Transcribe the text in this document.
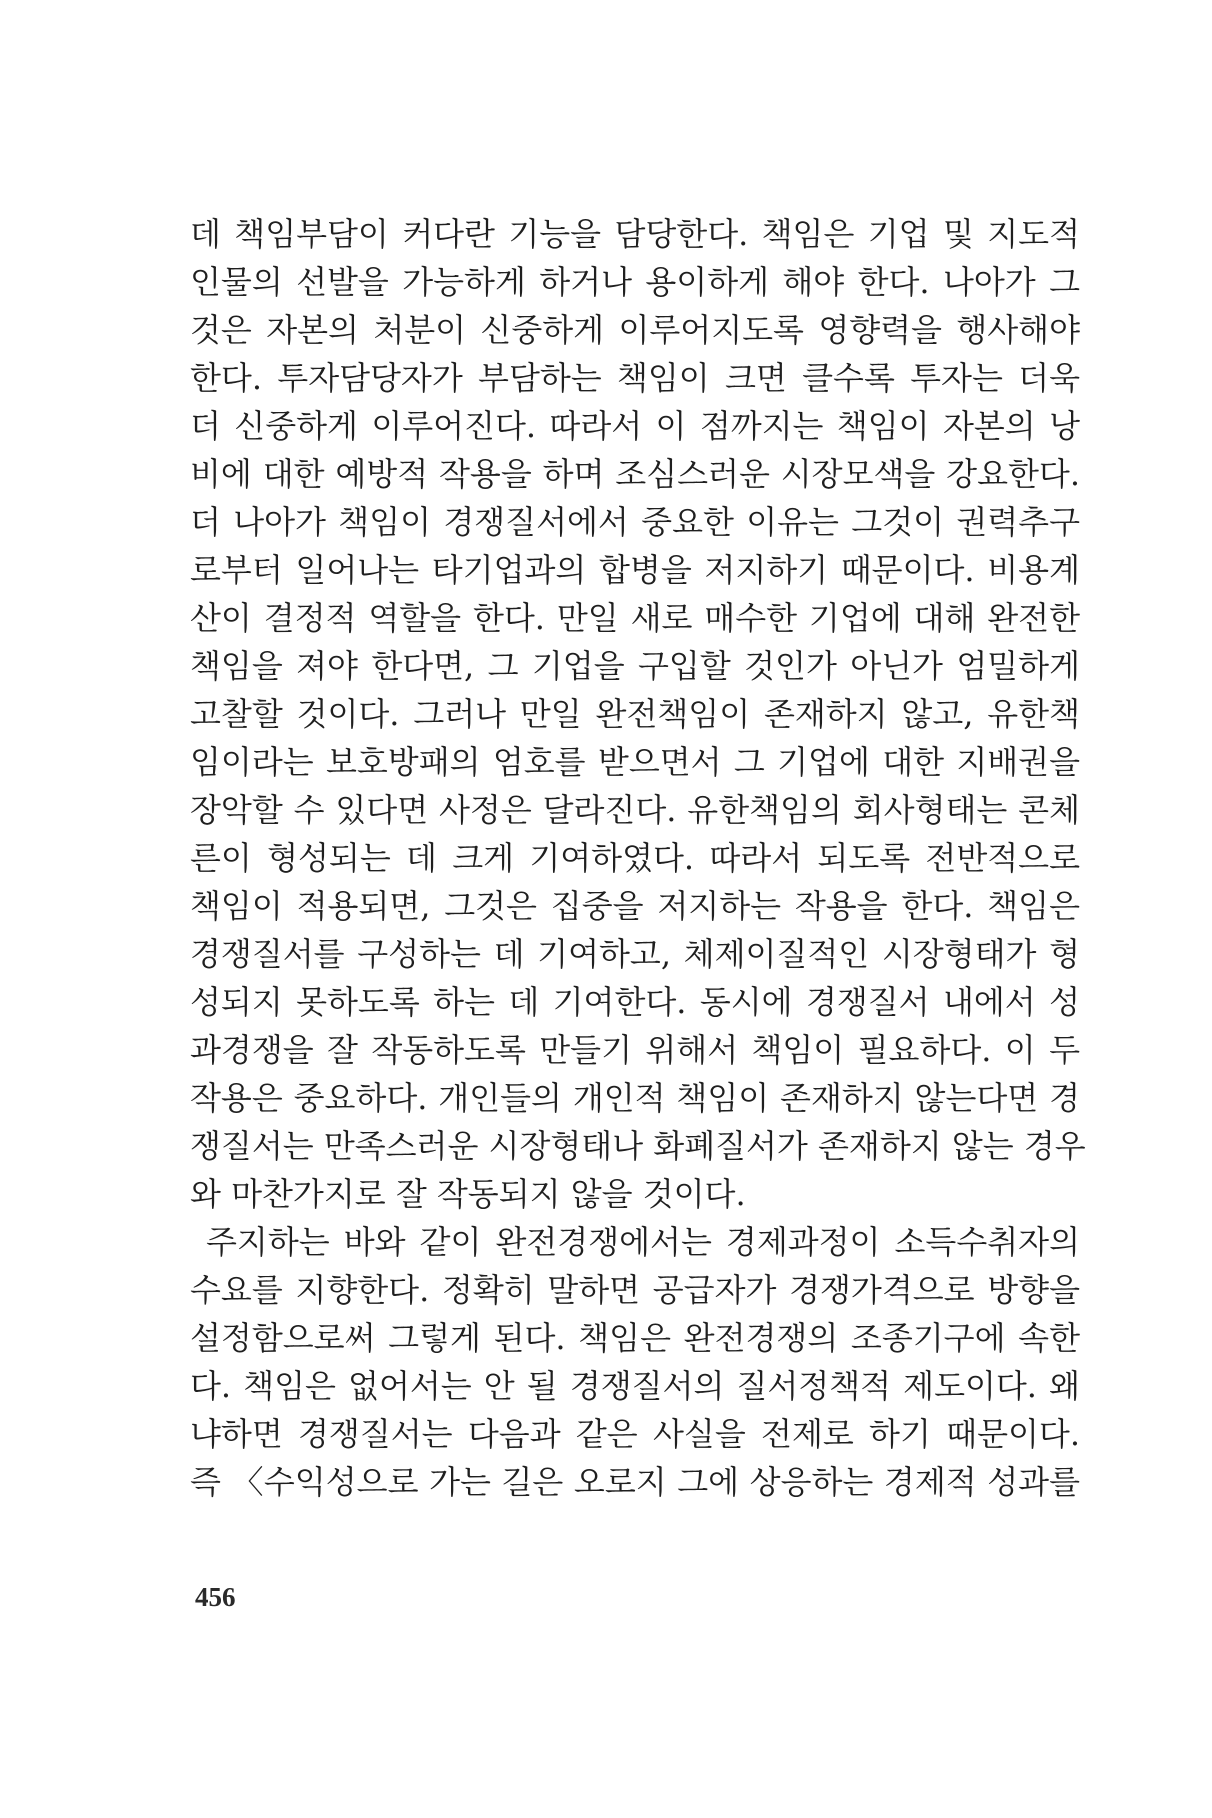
데 책임부담이 커다란 기능을 담당한다. 책임은 기업 및 지도적
인물의 선발을 가능하게 하거나 용이하게 해야 한다. 나아가 그
것은 자본의 처분이 신중하게 이루어지도록 영향력을 행사해야
한다. 투자담당자가 부담하는 책임이 크면 클수록 투자는 더욱
더 신중하게 이루어진다. 따라서 이 점까지는 책임이 자본의 낭
비에 대한 예방적 작용을 하며 조심스러운 시장모색을 강요한다.
더 나아가 책임이 경쟁질서에서 중요한 이유는 그것이 권력추구
로부터 일어나는 타기업과의 합병을 저지하기 때문이다. 비용계
산이 결정적 역할을 한다. 만일 새로 매수한 기업에 대해 완전한
책임을 져야 한다면, 그 기업을 구입할 것인가 아닌가 엄밀하게
고찰할 것이다. 그러나 만일 완전책임이 존재하지 않고, 유한책
임이라는 보호방패의 엄호를 받으면서 그 기업에 대한 지배권을
장악할 수 있다면 사정은 달라진다. 유한책임의 회사형태는 콘체
른이 형성되는 데 크게 기여하였다. 따라서 되도록 전반적으로
책임이 적용되면, 그것은 집중을 저지하는 작용을 한다. 책임은
경쟁질서를 구성하는 데 기여하고, 체제이질적인 시장형태가 형
성되지 못하도록 하는 데 기여한다. 동시에 경쟁질서 내에서 성
과경쟁을 잘 작동하도록 만들기 위해서 책임이 필요하다. 이 두
작용은 중요하다. 개인들의 개인적 책임이 존재하지 않는다면 경
쟁질서는 만족스러운 시장형태나 화폐질서가 존재하지 않는 경우
와 마찬가지로 잘 작동되지 않을 것이다.
주지하는 바와 같이 완전경쟁에서는 경제과정이 소득수취자의
수요를 지향한다. 정확히 말하면 공급자가 경쟁가격으로 방향을
설정함으로써 그렇게 된다. 책임은 완전경쟁의 조종기구에 속한
다. 책임은 없어서는 안 될 경쟁질서의 질서정책적 제도이다. 왜
냐하면 경쟁질서는 다음과 같은 사실을 전제로 하기 때문이다.
즉 〈수익성으로 가는 길은 오로지 그에 상응하는 경제적 성과를
456
